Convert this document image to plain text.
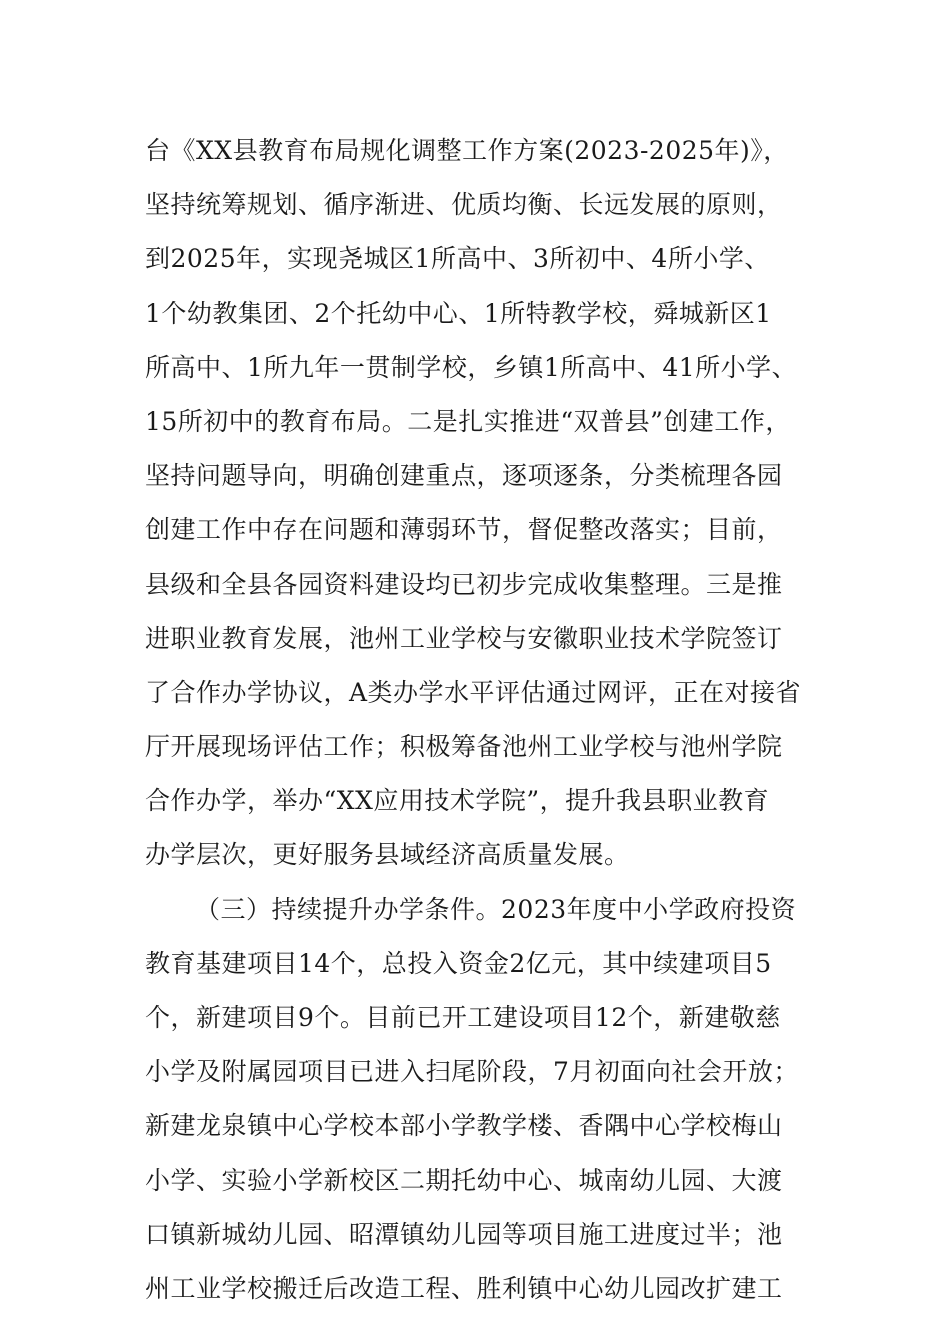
台《XX县教育布局规化调整工作方案(2023-2025年)》，
坚持统筹规划、循序渐进、优质均衡、长远发展的原则，
到2025年，实现尧城区1所高中、3所初中、4所小学、
1个幼教集团、2个托幼中心、1所特教学校，舜城新区1
所高中、1所九年一贯制学校，乡镇1所高中、41所小学、
15所初中的教育布局。二是扎实推进“双普县”创建工作，
坚持问题导向，明确创建重点，逐项逐条，分类梳理各园
创建工作中存在问题和薄弱环节，督促整改落实；目前，
县级和全县各园资料建设均已初步完成收集整理。三是推
进职业教育发展，池州工业学校与安徽职业技术学院签订
了合作办学协议，A类办学水平评估通过网评，正在对接省
厅开展现场评估工作；积极筹备池州工业学校与池州学院
合作办学，举办“XX应用技术学院”，提升我县职业教育
办学层次，更好服务县域经济高质量发展。
（三）持续提升办学条件。2023年度中小学政府投资
教育基建项目14个，总投入资金2亿元，其中续建项目5
个，新建项目9个。目前已开工建设项目12个，新建敬慈
小学及附属园项目已进入扫尾阶段，7月初面向社会开放；
新建龙泉镇中心学校本部小学教学楼、香隅中心学校梅山
小学、实验小学新校区二期托幼中心、城南幼儿园、大渡
口镇新城幼儿园、昭潭镇幼儿园等项目施工进度过半；池
州工业学校搬迁后改造工程、胜利镇中心幼儿园改扩建工
